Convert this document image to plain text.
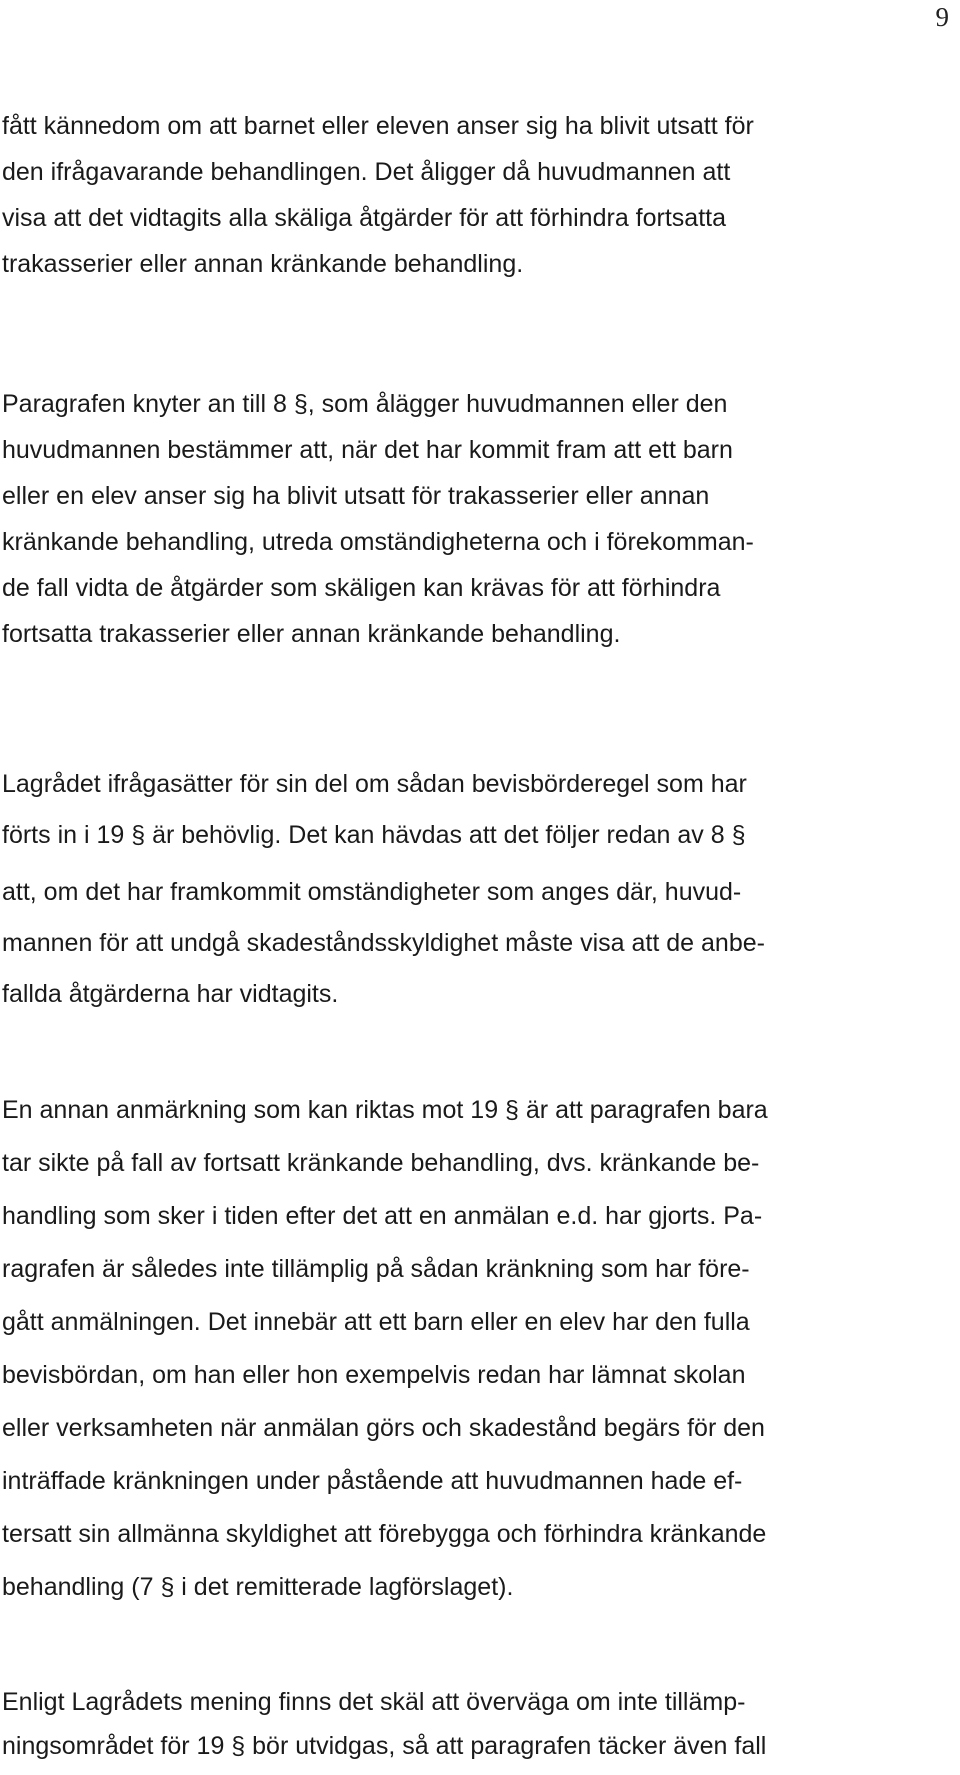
9
fått kännedom om att barnet eller eleven anser sig ha blivit utsatt för
den ifrågavarande behandlingen. Det åligger då huvudmannen att
visa att det vidtagits alla skäliga åtgärder för att förhindra fortsatta
trakasserier eller annan kränkande behandling.
Paragrafen knyter an till 8 §, som ålägger huvudmannen eller den
huvudmannen bestämmer att, när det har kommit fram att ett barn
eller en elev anser sig ha blivit utsatt för trakasserier eller annan
kränkande behandling, utreda omständigheterna och i förekomman-
de fall vidta de åtgärder som skäligen kan krävas för att förhindra
fortsatta trakasserier eller annan kränkande behandling.
Lagrådet ifrågasätter för sin del om sådan bevisbörderegel som har
förts in i 19 § är behövlig. Det kan hävdas att det följer redan av 8 §
att, om det har framkommit omständigheter som anges där, huvud-
mannen för att undgå skadeståndsskyldighet måste visa att de anbe-
fallda åtgärderna har vidtagits.
En annan anmärkning som kan riktas mot 19 § är att paragrafen bara
tar sikte på fall av fortsatt kränkande behandling, dvs. kränkande be-
handling som sker i tiden efter det att en anmälan e.d. har gjorts. Pa-
ragrafen är således inte tillämplig på sådan kränkning som har före-
gått anmälningen. Det innebär att ett barn eller en elev har den fulla
bevisbördan, om han eller hon exempelvis redan har lämnat skolan
eller verksamheten när anmälan görs och skadestånd begärs för den
inträffade kränkningen under påstående att huvudmannen hade ef-
tersatt sin allmänna skyldighet att förebygga och förhindra kränkande
behandling (7 § i det remitterade lagförslaget).
Enligt Lagrådets mening finns det skäl att överväga om inte tillämp-
ningsområdet för 19 § bör utvidgas, så att paragrafen täcker även fall
